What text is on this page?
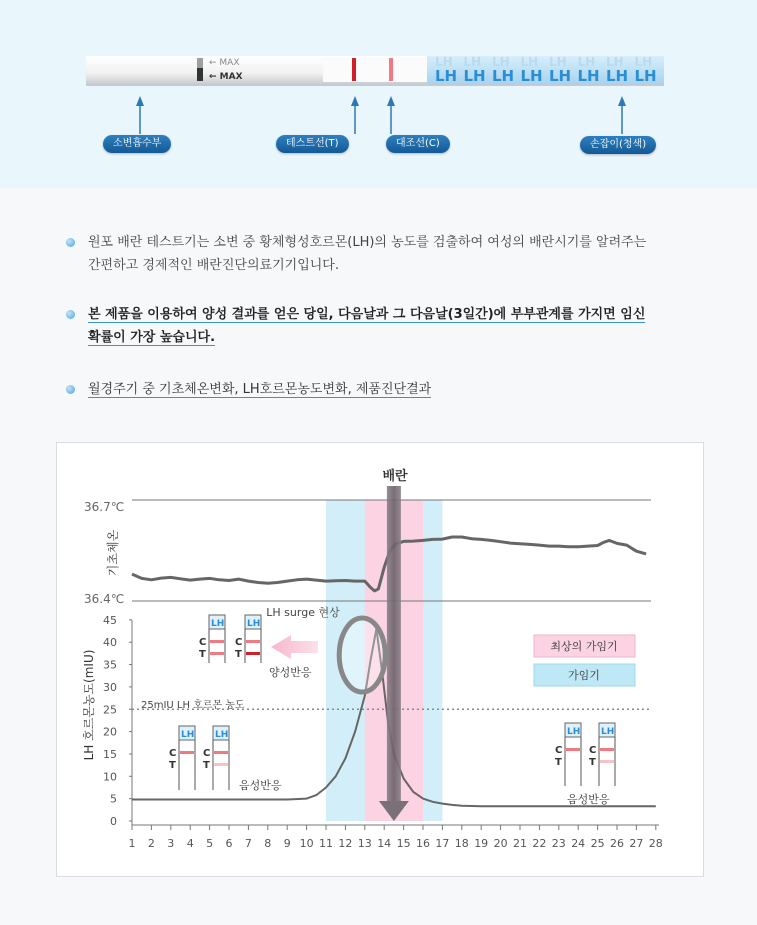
← MAX
← MAX
LH
LH
LH
LH
LH
LH
LH
LH
LH
LH
LH
LH
LH
LH
LH
LH
소변흡수부	테스트선(T)	대조선(C)	손잡이(청색)
원포 배란 테스트기는 소변 중 황체형성호르몬(LH)의 농도를 검출하여 여성의 배란시기를 알려주는
간편하고 경제적인 배란진단의료기기입니다.
본 제품을 이용하여 양성 결과를 얻은 당일, 다음날과 그 다음날(3일간)에 부부관계를 가지면 임신
확률이 가장 높습니다.
월경주기 중 기초체온변화, LH호르몬농도변화, 제품진단결과
0
5
10
15
20
25
30
35
40
45
1 2 3 4 5 6 7 8 9 10 11 12 13 14 15 16 17 18 19 20 21 22 23 24 25 26 27 28
LH
C
T
LH
C
T
LH
C
T
LH
C
T
LH
C
T
LH
C
T
배란
36.7℃
36.4℃
기초체온
LH 호르몬농도(mIU)
LH surge 현상
25mIU LH 호르몬 농도
양성반응
음성반응
음성반응
최상의 가임기
가임기
